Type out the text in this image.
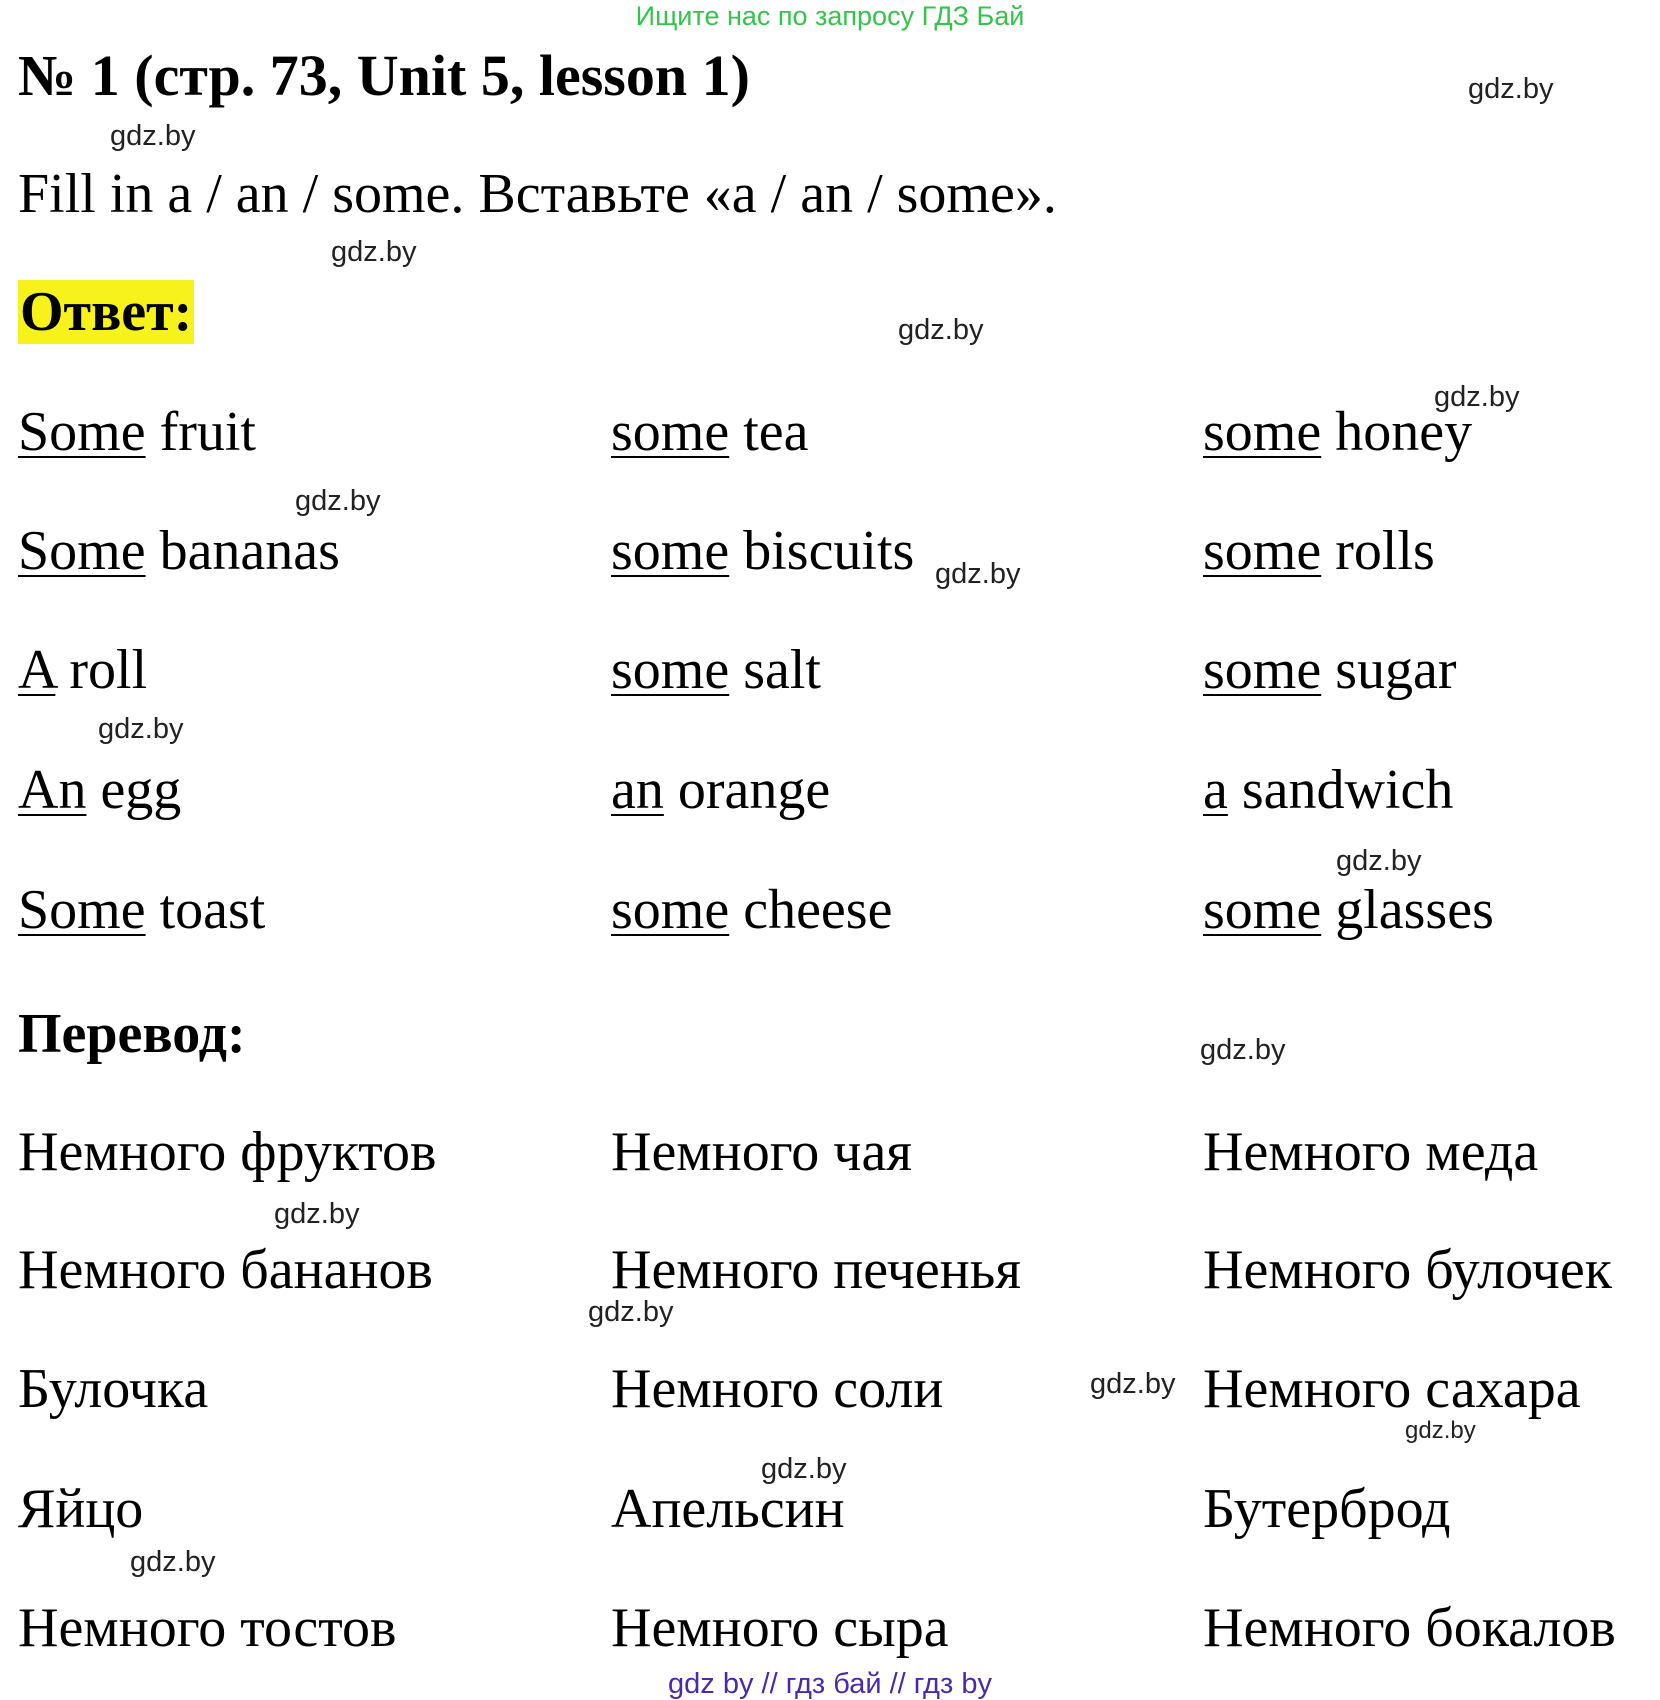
Ищите нас по запросу ГДЗ Бай
№ 1 (стр. 73, Unit 5, lesson 1)
Fill in a / an / some. Вставьте «a / an / some».
Ответ:
Some fruit	some tea	some honey
Some bananas	some biscuits	some rolls
A roll	some salt	some sugar
An egg	an orange	a sandwich
Some toast	some cheese	some glasses
Перевод:
Немного фруктов	Немного чая	Немного меда
Немного бананов	Немного печенья	Немного булочек
Булочка	Немного соли	Немного сахара
Яйцо	Апельсин	Бутерброд
Немного тостов	Немного сыра	Немного бокалов
gdz.by
gdz.by
gdz.by
gdz.by
gdz.by
gdz.by
gdz.by
gdz.by
gdz.by
gdz.by
gdz.by
gdz.by
gdz.by
gdz.by
gdz.by
gdz.by
gdz by // гдз бай // гдз by
